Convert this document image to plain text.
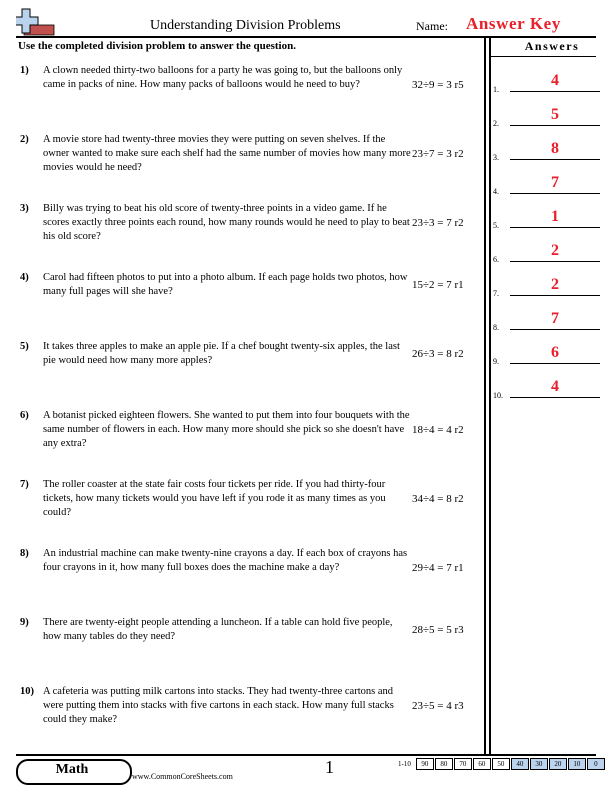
Understanding Division Problems	Name: Answer Key
Use the completed division problem to answer the question.	Answers
1) A clown needed thirty-two balloons for a party he was going to, but the balloons only came in packs of nine. How many packs of balloons would he need to buy?	32÷9 = 3 r5
2) A movie store had twenty-three movies they were putting on seven shelves. If the owner wanted to make sure each shelf had the same number of movies how many more movies would he need?
23÷7 = 3 r2
3) Billy was trying to beat his old score of twenty-three points in a video game. If he scores exactly three points each round, how many rounds would he need to play to beat his old score?
23÷3 = 7 r2
4) Carol had fifteen photos to put into a photo album. If each page holds two photos, how many full pages will she have?
15÷2 = 7 r1
5) It takes three apples to make an apple pie. If a chef bought twenty-six apples, the last pie would need how many more apples?
26÷3 = 8 r2
6) A botanist picked eighteen flowers. She wanted to put them into four bouquets with the same number of flowers in each. How many more should she pick so she doesn't have any extra?
18÷4 = 4 r2
7) The roller coaster at the state fair costs four tickets per ride. If you had thirty-four tickets, how many tickets would you have left if you rode it as many times as you could?
34÷4 = 8 r2
8) An industrial machine can make twenty-nine crayons a day. If each box of crayons has four crayons in it, how many full boxes does the machine make a day?	29÷4 = 7 r1
9) There are twenty-eight people attending a luncheon. If a table can hold five people, how many tables do they need?
28÷5 = 5 r3
10) A cafeteria was putting milk cartons into stacks. They had twenty-three cartons and were putting them into stacks with five cartons in each stack. How many full stacks could they make?
23÷5 = 4 r3
1.
4
2.
5
3.
8
4.
7
5.
1
6.
2
7.
2
8.
7
9.
6
10.
4
Math	www.CommonCoreSheets.com	1	1-10	90	80	70	60	50	40	30	20	10	0
